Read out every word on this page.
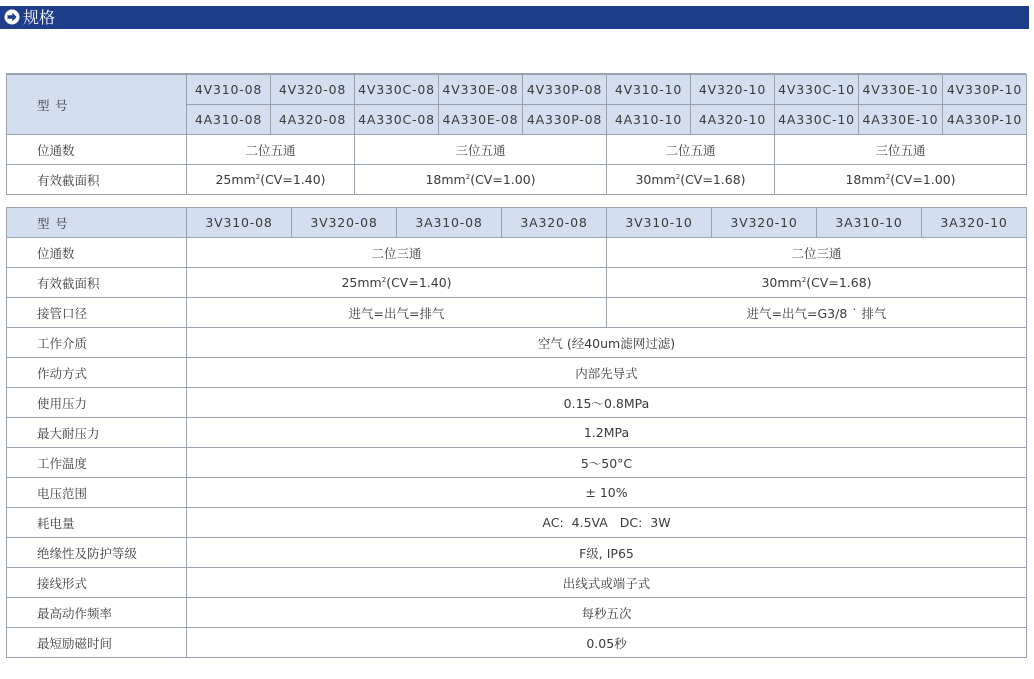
规格
型 号	4V310-08	4V320-08	4V330C-08	4V330E-08	4V330P-08	4V310-10	4V320-10	4V330C-10	4V330E-10	4V330P-10
	4A310-08	4A320-08	4A330C-08	4A330E-08	4A330P-08	4A310-10	4A320-10	4A330C-10	4A330E-10	4A330P-10
位通数	二位五通		三位五通			二位五通		三位五通		
有效截面积	$25mm^2(CV=1.40)$		$18mm^2(CV=1.00)$			$30mm^2(CV=1.68)$		$18mm^2(CV=1.00)$		
型 号	3V310-08	3V320-08	3A310-08	3A320-08	3V310-10	3V320-10	3A310-10	3A320-10
位通数	二位三通				二位三通			
有效截面积	$25mm^2(CV=1.40)$				$30mm^2(CV=1.68)$			
接管口径	进气=出气=排气				进气=出气=G3/8 ˙ 排气			
工作介质	空气 (经40um滤网过滤)							
作动方式	内部先导式							
使用压力	0.15～0.8MPa							
最大耐压力	1.2MPa							
工作温度	5～50°C							
电压范围	± 10%							
耗电量	AC:  4.5VA   DC:  3W							
绝缘性及防护等级	F级, IP65							
接线形式	出线式或端子式							
最高动作频率	每秒五次							
最短励磁时间	0.05秒							
